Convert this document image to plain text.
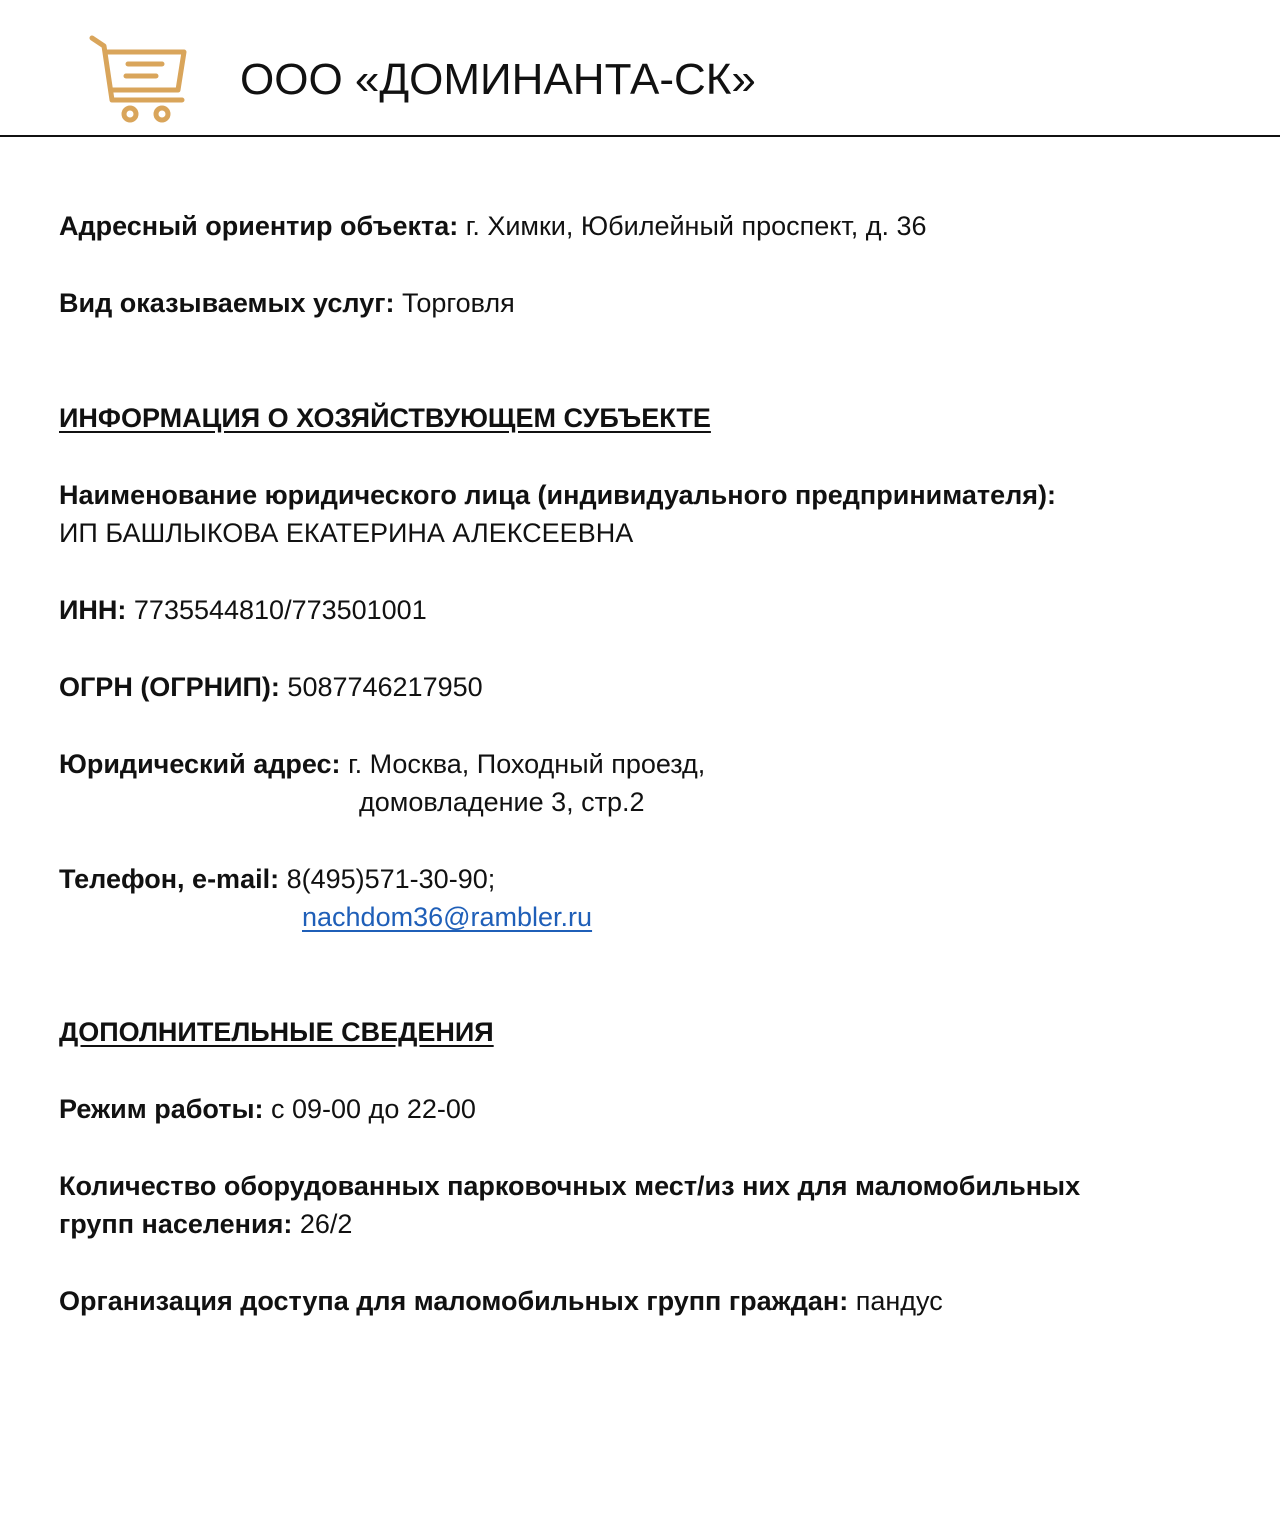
ООО «ДОМИНАНТА-СК»
Адресный ориентир объекта: г. Химки, Юбилейный проспект, д. 36
Вид оказываемых услуг: Торговля
ИНФОРМАЦИЯ О ХОЗЯЙСТВУЮЩЕМ СУБЪЕКТЕ
Наименование юридического лица (индивидуального предпринимателя):
ИП БАШЛЫКОВА ЕКАТЕРИНА АЛЕКСЕЕВНА
ИНН: 7735544810/773501001
ОГРН (ОГРНИП): 5087746217950
Юридический адрес: г. Москва, Походный проезд,
домовладение 3, стр.2
Телефон, e-mail: 8(495)571-30-90;
nachdom36@rambler.ru
ДОПОЛНИТЕЛЬНЫЕ СВЕДЕНИЯ
Режим работы: с 09-00 до 22-00
Количество оборудованных парковочных мест/из них для маломобильных
групп населения: 26/2
Организация доступа для маломобильных групп граждан: пандус
